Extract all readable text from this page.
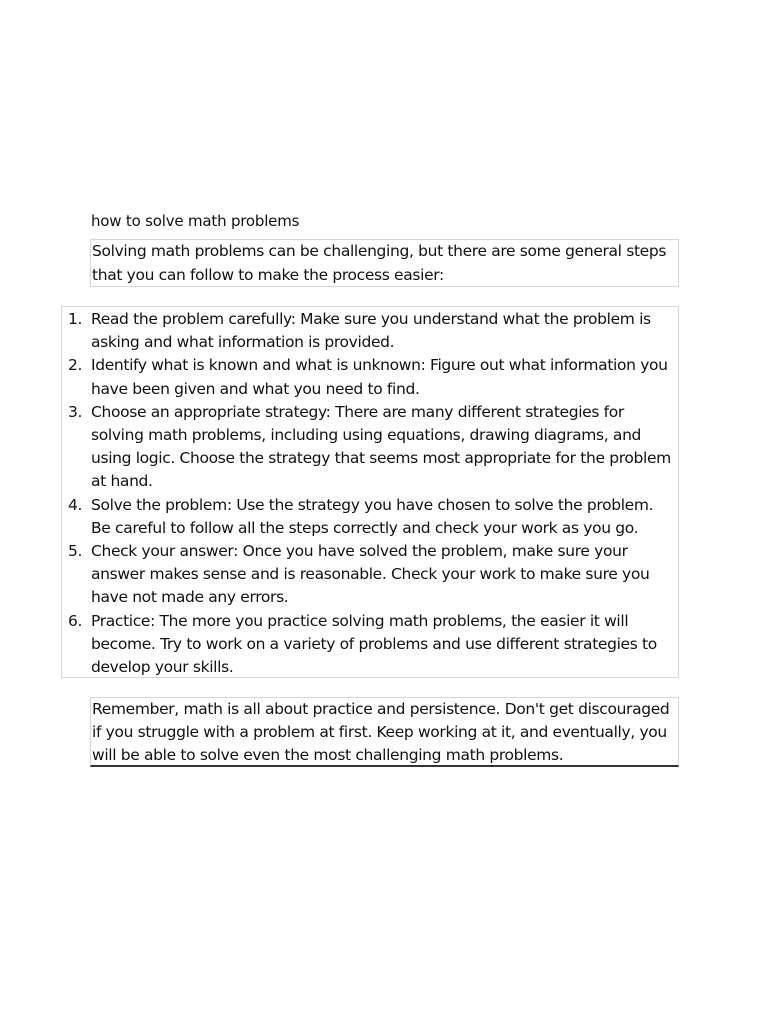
how to solve math problems
Solving math problems can be challenging, but there are some general steps that you can follow to make the process easier:
1. Read the problem carefully: Make sure you understand what the problem is asking and what information is provided.
2. Identify what is known and what is unknown: Figure out what information you have been given and what you need to find.
3. Choose an appropriate strategy: There are many different strategies for solving math problems, including using equations, drawing diagrams, and using logic. Choose the strategy that seems most appropriate for the problem at hand.
4. Solve the problem: Use the strategy you have chosen to solve the problem. Be careful to follow all the steps correctly and check your work as you go.
5. Check your answer: Once you have solved the problem, make sure your answer makes sense and is reasonable. Check your work to make sure you have not made any errors.
6. Practice: The more you practice solving math problems, the easier it will become. Try to work on a variety of problems and use different strategies to develop your skills.
Remember, math is all about practice and persistence. Don't get discouraged if you struggle with a problem at first. Keep working at it, and eventually, you will be able to solve even the most challenging math problems.
